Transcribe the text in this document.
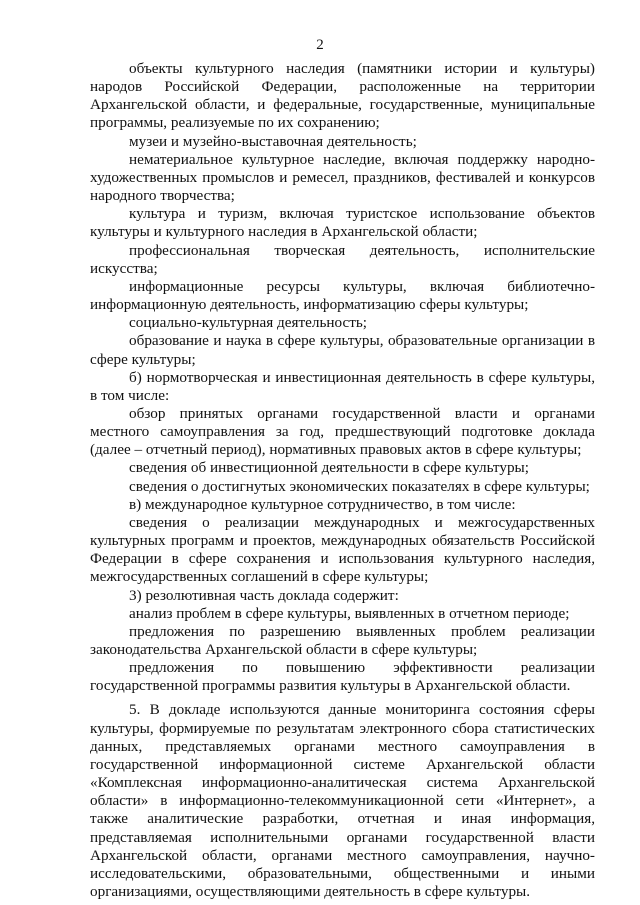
2

объекты культурного наследия (памятники истории и культуры) народов Российской Федерации, расположенные на территории Архангельской области, и федеральные, государственные, муниципальные программы, реализуемые по их сохранению;

музеи и музейно-выставочная деятельность;

нематериальное культурное наследие, включая поддержку народно-художественных промыслов и ремесел, праздников, фестивалей и конкурсов народного творчества;

культура и туризм, включая туристское использование объектов культуры и культурного наследия в Архангельской области;

профессиональная творческая деятельность, исполнительские искусства;

информационные ресурсы культуры, включая библиотечно-информационную деятельность, информатизацию сферы культуры;

социально-культурная деятельность;

образование и наука в сфере культуры, образовательные организации в сфере культуры;

б) нормотворческая и инвестиционная деятельность в сфере культуры, в том числе:

обзор принятых органами государственной власти и органами местного самоуправления за год, предшествующий подготовке доклада (далее – отчетный период), нормативных правовых актов в сфере культуры;

сведения об инвестиционной деятельности в сфере культуры;

сведения о достигнутых экономических показателях в сфере культуры;

в) международное культурное сотрудничество, в том числе:

сведения о реализации международных и межгосударственных культурных программ и проектов, международных обязательств Российской Федерации в сфере сохранения и использования культурного наследия, межгосударственных соглашений в сфере культуры;

3) резолютивная часть доклада содержит:

анализ проблем в сфере культуры, выявленных в отчетном периоде;

предложения по разрешению выявленных проблем реализации законодательства Архангельской области в сфере культуры;

предложения по повышению эффективности реализации государственной программы развития культуры в Архангельской области.

5. В докладе используются данные мониторинга состояния сферы культуры, формируемые по результатам электронного сбора статистических данных, представляемых органами местного самоуправления в государственной информационной системе Архангельской области «Комплексная информационно-аналитическая система Архангельской области» в информационно-телекоммуникационной сети «Интернет», а также аналитические разработки, отчетная и иная информация, представляемая исполнительными органами государственной власти Архангельской области, органами местного самоуправления, научно-исследовательскими, образовательными, общественными и иными организациями, осуществляющими деятельность в сфере культуры.
